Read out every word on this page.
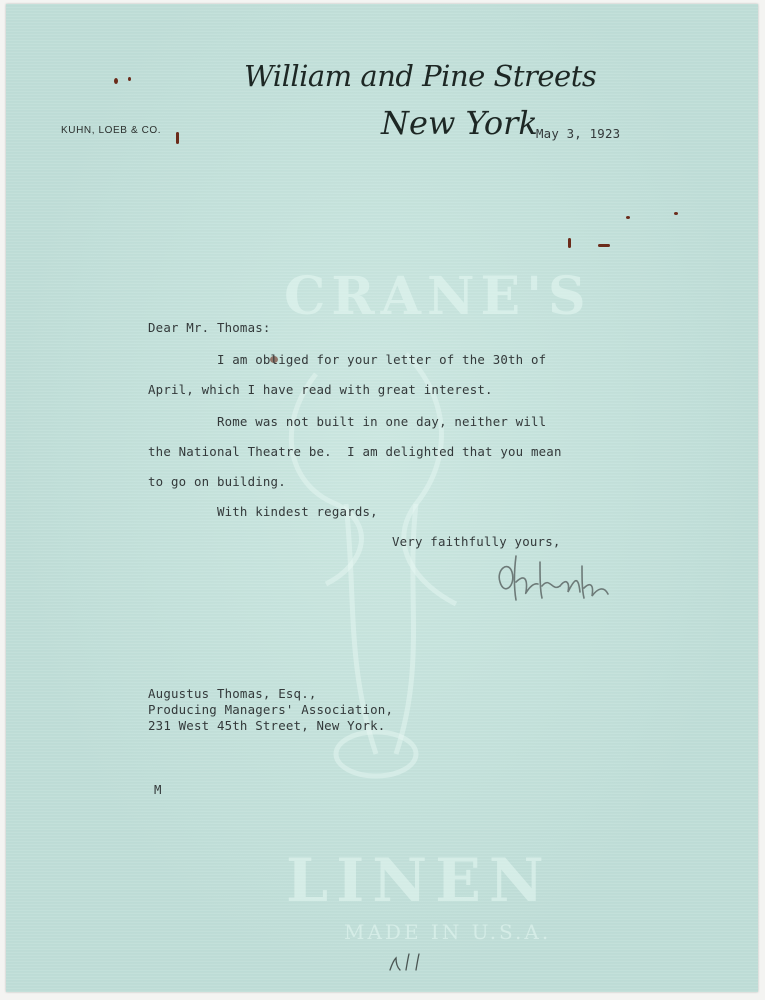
CRANE'S
LINEN
MADE IN U.S.A.
William and Pine Streets
New York
KUHN, LOEB & CO.	May 3, 1923
Dear Mr. Thomas:
I am obliged for your letter of the 30th of
April, which I have read with great interest.
Rome was not built in one day, neither will
the National Theatre be.  I am delighted that you mean
to go on building.
With kindest regards,
Very faithfully yours,
Augustus Thomas, Esq.,
Producing Managers' Association,
231 West 45th Street, New York.
M
